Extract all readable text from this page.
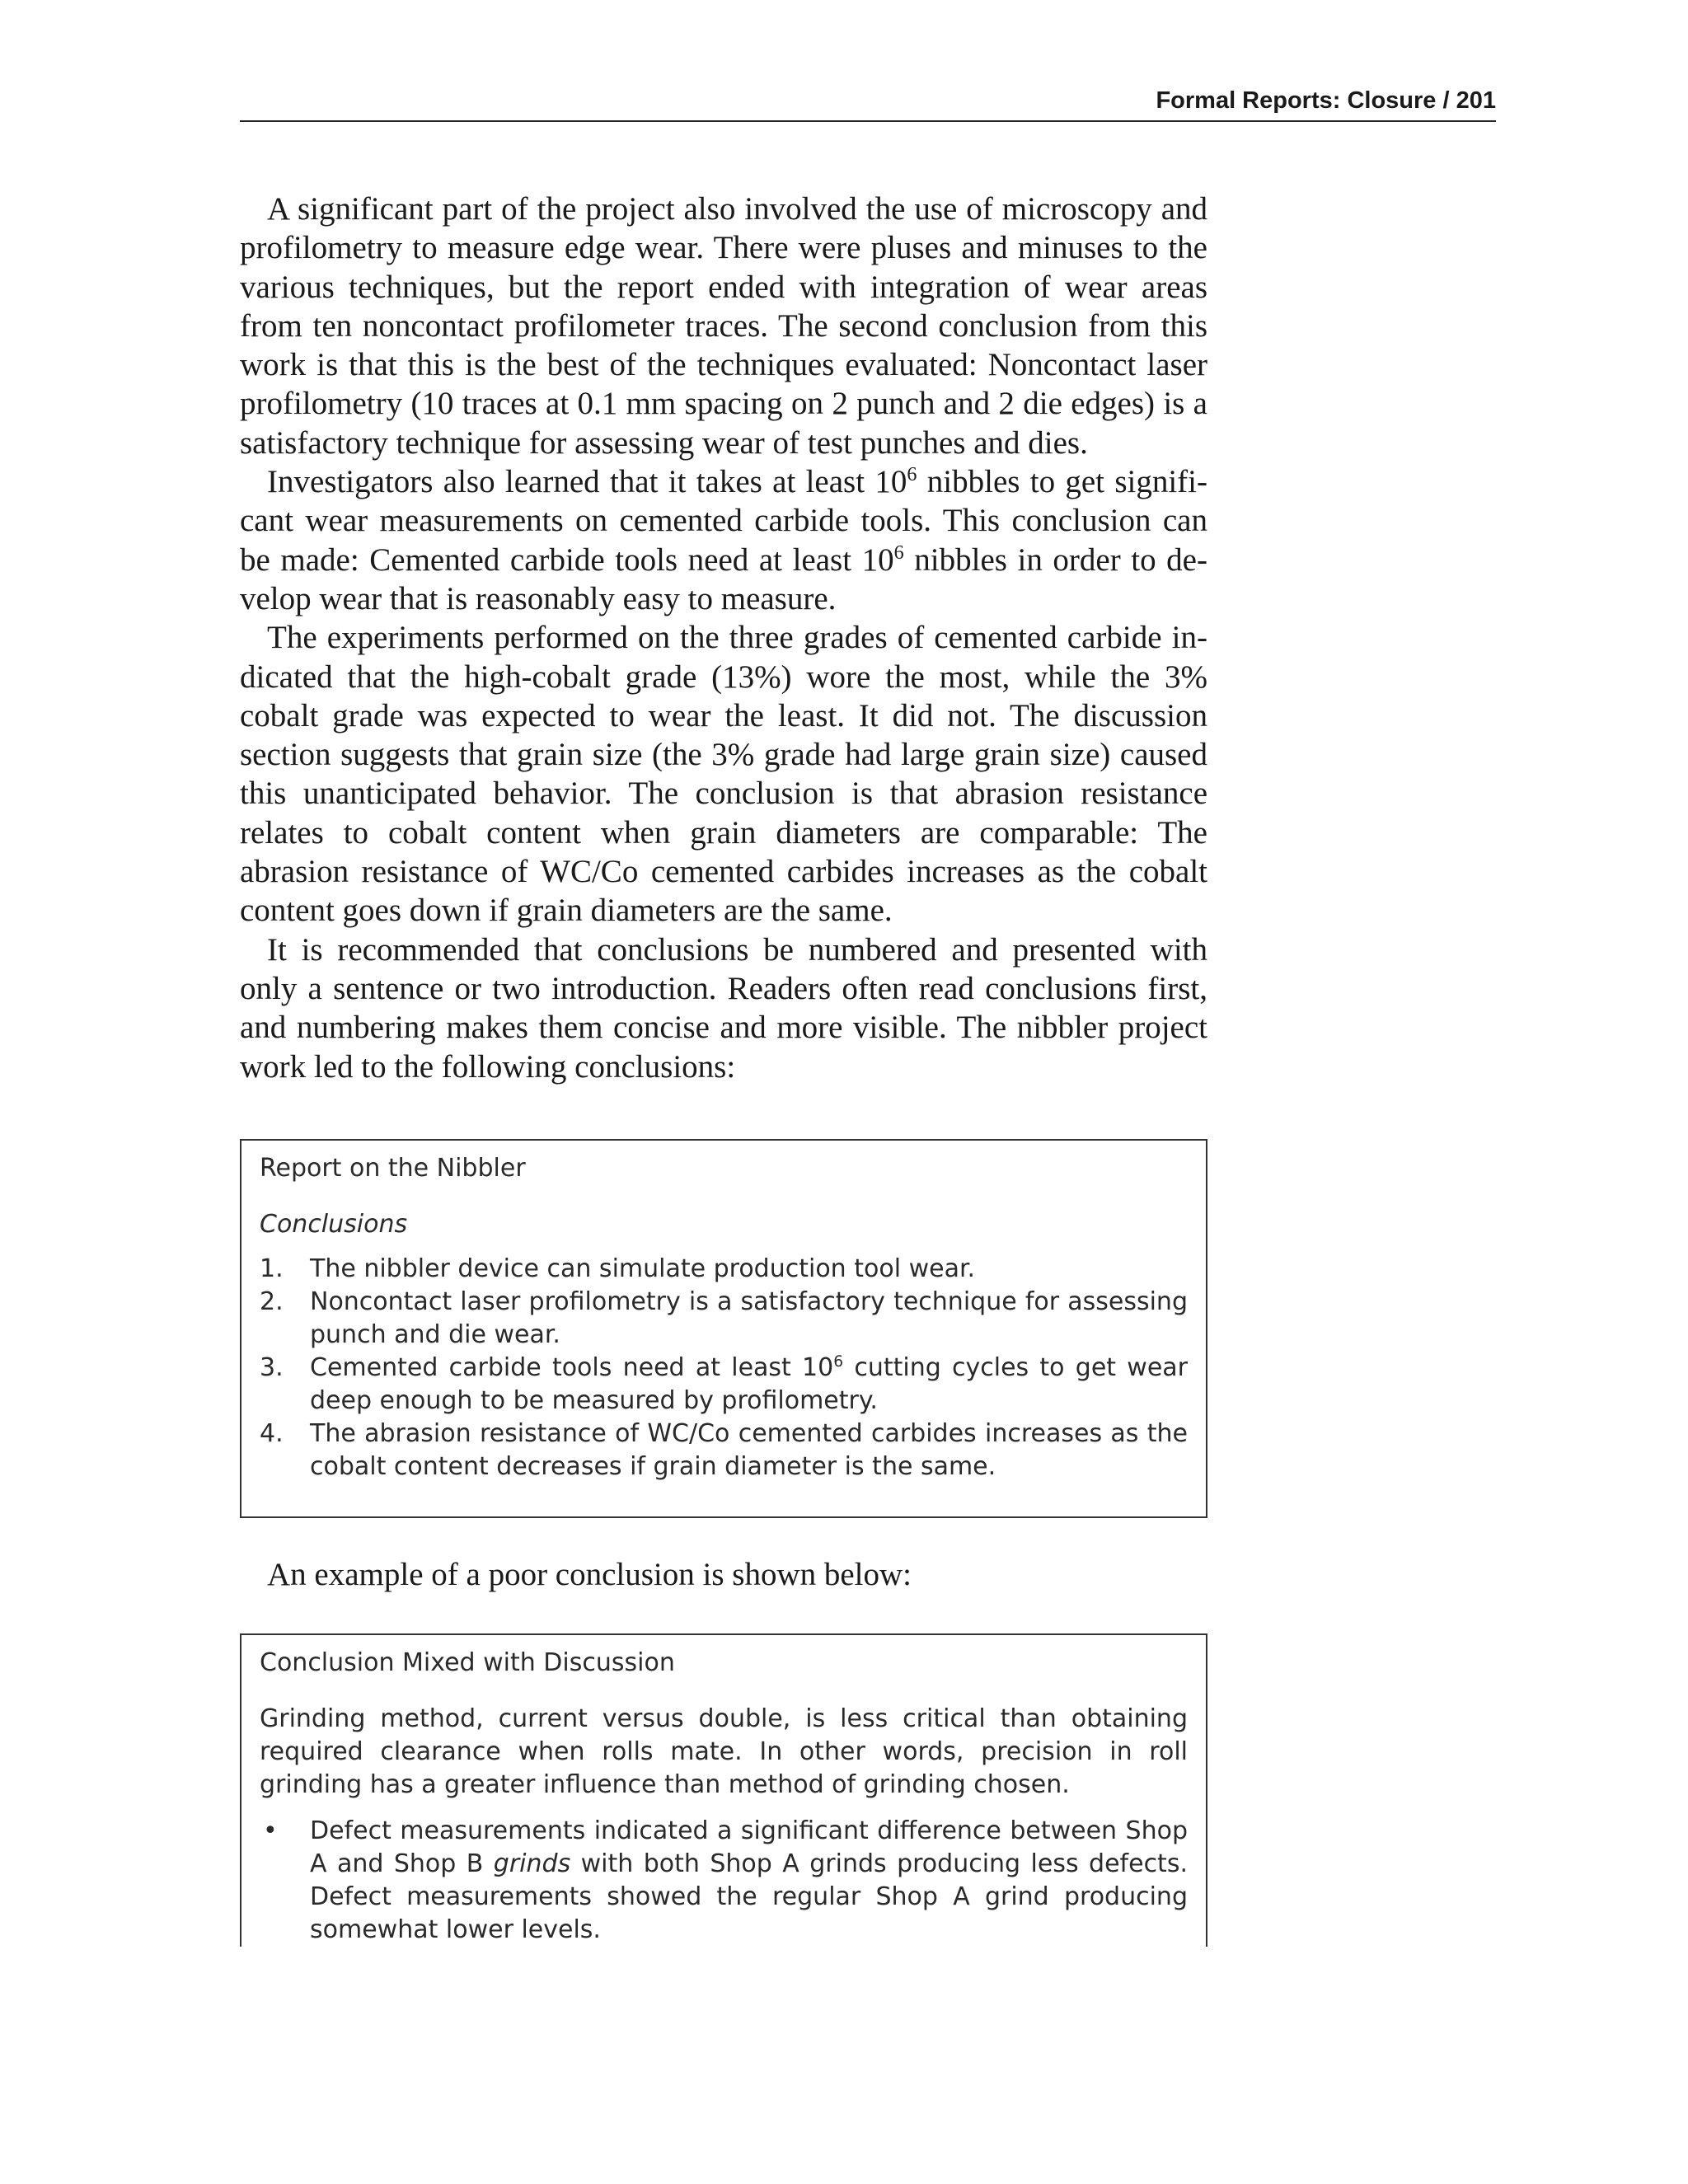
Formal Reports: Closure / 201

A significant part of the project also involved the use of microscopy and profilometry to measure edge wear. There were pluses and minuses to the various techniques, but the report ended with integration of wear areas from ten noncontact profilometer traces. The second conclusion from this work is that this is the best of the techniques evaluated: Noncontact laser profilometry (10 traces at 0.1 mm spacing on 2 punch and 2 die edges) is a satisfactory technique for assessing wear of test punches and dies.

Investigators also learned that it takes at least $10^6$ nibbles to get significant wear measurements on cemented carbide tools. This conclusion can be made: Cemented carbide tools need at least $10^6$ nibbles in order to develop wear that is reasonably easy to measure.

The experiments performed on the three grades of cemented carbide indicated that the high-cobalt grade (13%) wore the most, while the 3% cobalt grade was expected to wear the least. It did not. The discussion section suggests that grain size (the 3% grade had large grain size) caused this unanticipated behavior. The conclusion is that abrasion resistance relates to cobalt content when grain diameters are comparable: The abrasion resistance of WC/Co cemented carbides increases as the cobalt content goes down if grain diameters are the same.

It is recommended that conclusions be numbered and presented with only a sentence or two introduction. Readers often read conclusions first, and numbering makes them concise and more visible. The nibbler project work led to the following conclusions:

Report on the Nibbler

Conclusions

1. The nibbler device can simulate production tool wear.
2. Noncontact laser profilometry is a satisfactory technique for assessing punch and die wear.
3. Cemented carbide tools need at least $10^6$ cutting cycles to get wear deep enough to be measured by profilometry.
4. The abrasion resistance of WC/Co cemented carbides increases as the cobalt content decreases if grain diameter is the same.
An example of a poor conclusion is shown below:

Conclusion Mixed with Discussion

Grinding method, current versus double, is less critical than obtaining required clearance when rolls mate. In other words, precision in roll grinding has a greater influence than method of grinding chosen.

• Defect measurements indicated a significant difference between Shop A and Shop B grinds with both Shop A grinds producing less defects. Defect measurements showed the regular Shop A grind producing somewhat lower levels.
